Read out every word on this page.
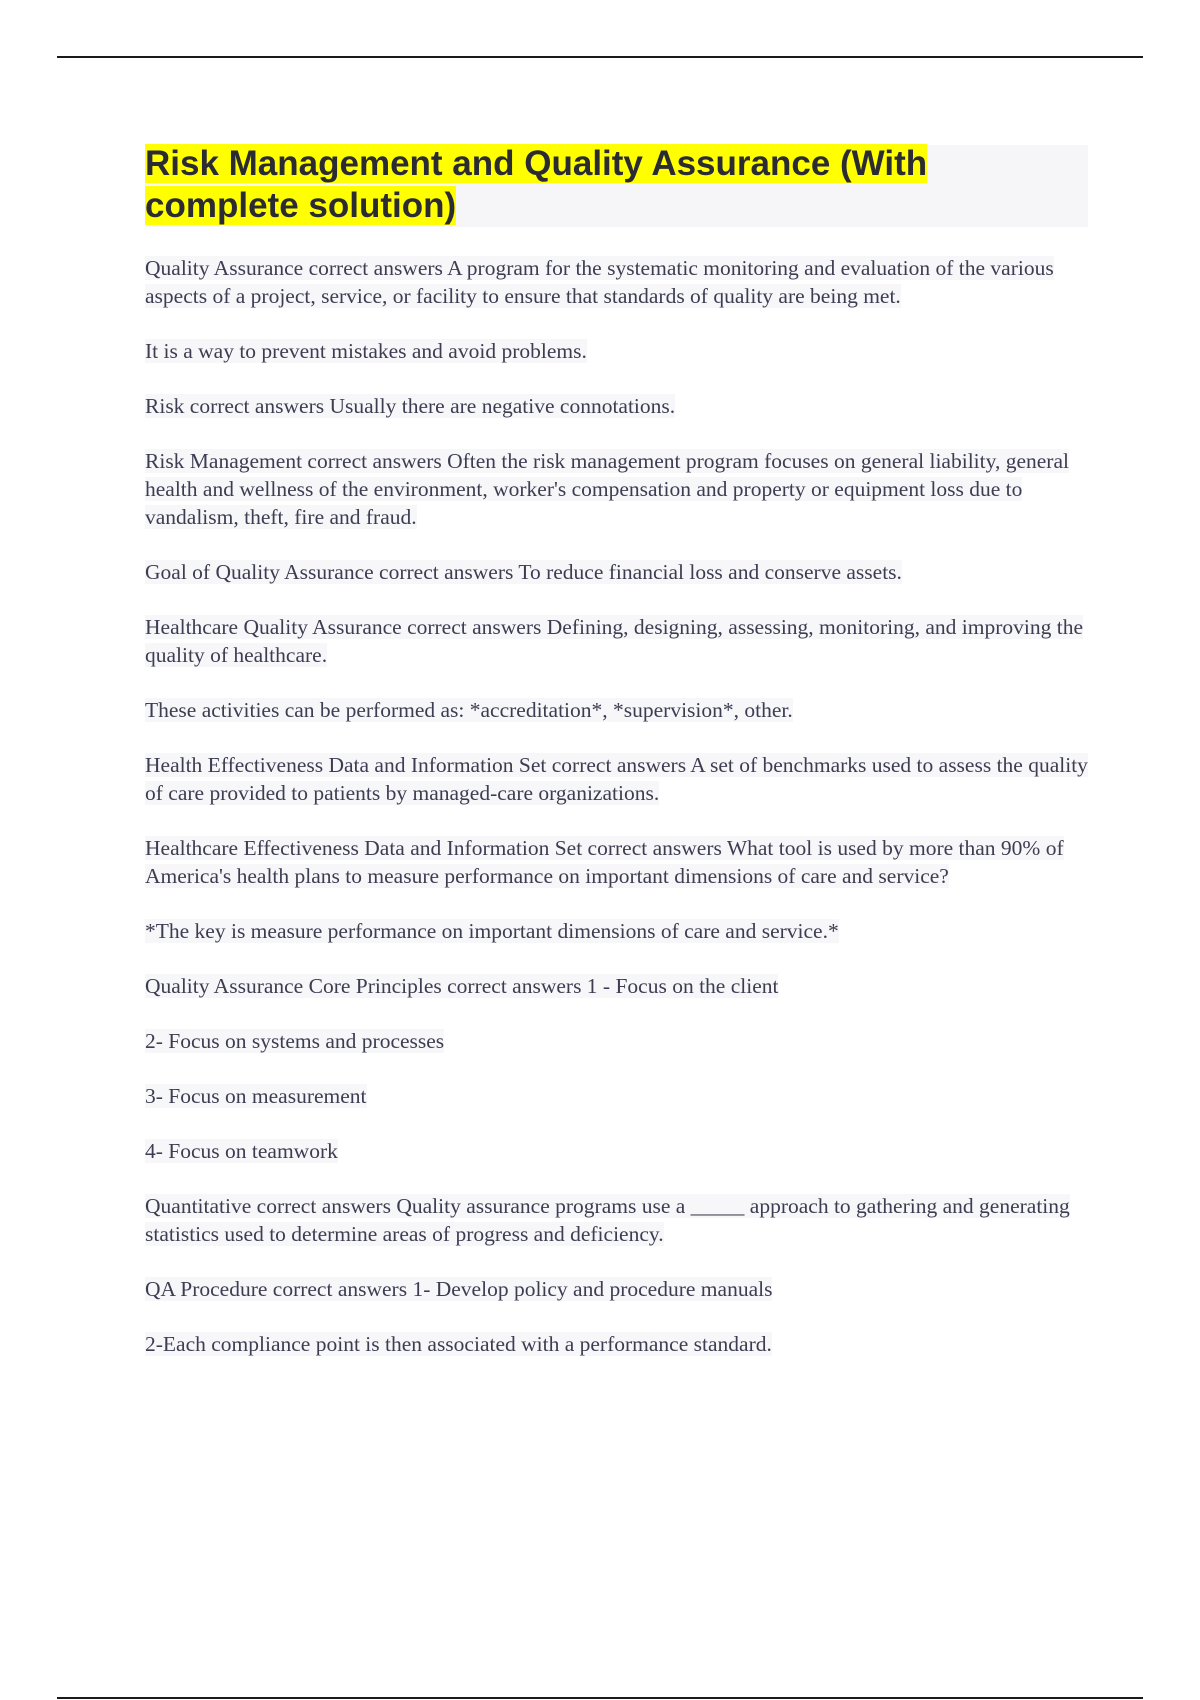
Risk Management and Quality Assurance (With complete solution)

Quality Assurance correct answers A program for the systematic monitoring and evaluation of the various aspects of a project, service, or facility to ensure that standards of quality are being met.

It is a way to prevent mistakes and avoid problems.

Risk correct answers Usually there are negative connotations.

Risk Management correct answers Often the risk management program focuses on general liability, general health and wellness of the environment, worker's compensation and property or equipment loss due to vandalism, theft, fire and fraud.

Goal of Quality Assurance correct answers To reduce financial loss and conserve assets.

Healthcare Quality Assurance correct answers Defining, designing, assessing, monitoring, and improving the quality of healthcare.

These activities can be performed as: *accreditation*, *supervision*, other.

Health Effectiveness Data and Information Set correct answers A set of benchmarks used to assess the quality of care provided to patients by managed-care organizations.

Healthcare Effectiveness Data and Information Set correct answers What tool is used by more than 90% of America's health plans to measure performance on important dimensions of care and service?

*The key is measure performance on important dimensions of care and service.*

Quality Assurance Core Principles correct answers 1 - Focus on the client

2- Focus on systems and processes

3- Focus on measurement

4- Focus on teamwork

Quantitative correct answers Quality assurance programs use a _____ approach to gathering and generating statistics used to determine areas of progress and deficiency.

QA Procedure correct answers 1- Develop policy and procedure manuals

2-Each compliance point is then associated with a performance standard.
